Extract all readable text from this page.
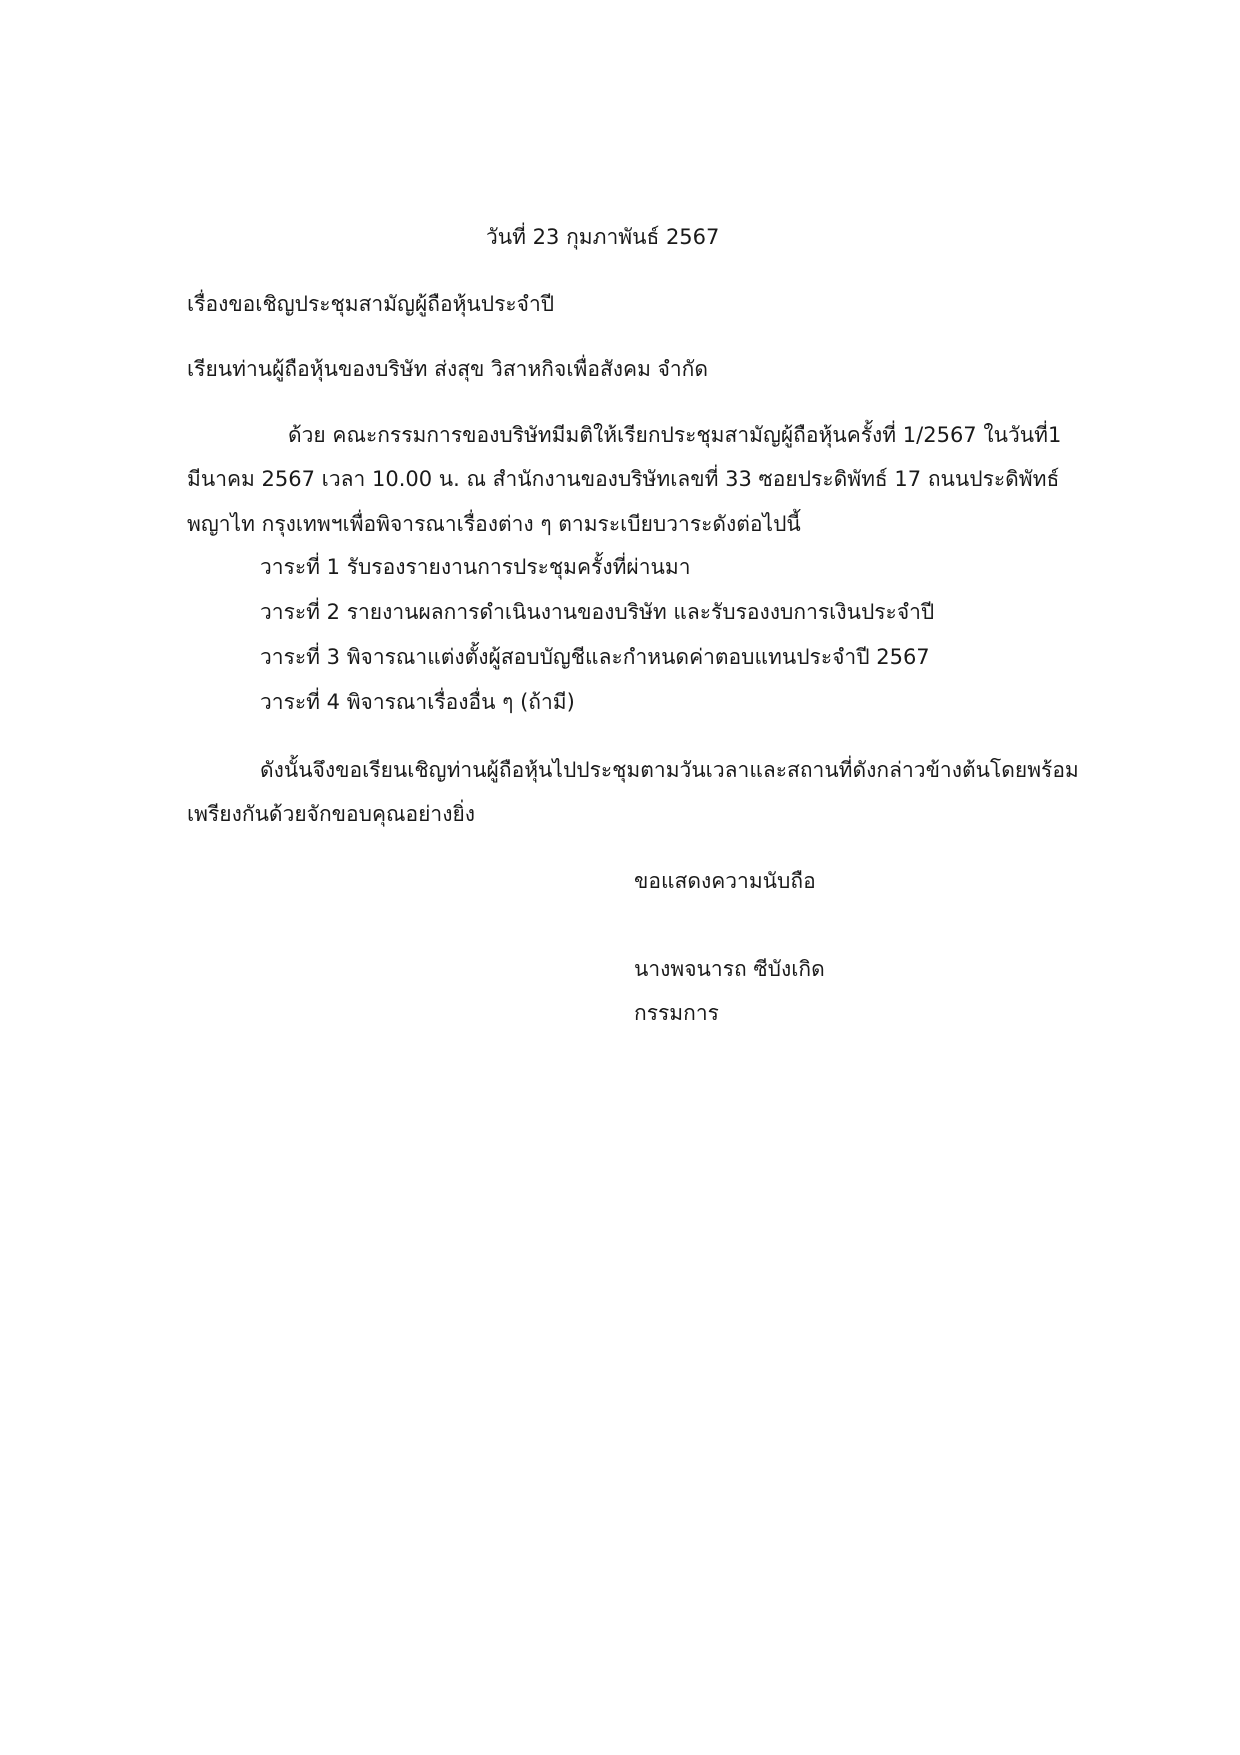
วันที่ 23 กุมภาพันธ์ 2567
เรื่องขอเชิญประชุมสามัญผู้ถือหุ้นประจำปี
เรียนท่านผู้ถือหุ้นของบริษัท ส่งสุข วิสาหกิจเพื่อสังคม จำกัด
ด้วย คณะกรรมการของบริษัทมีมติให้เรียกประชุมสามัญผู้ถือหุ้นครั้งที่ 1/2567 ในวันที่1
มีนาคม 2567 เวลา 10.00 น. ณ สำนักงานของบริษัทเลขที่ 33 ซอยประดิพัทธ์ 17 ถนนประดิพัทธ์
พญาไท กรุงเทพฯเพื่อพิจารณาเรื่องต่าง ๆ ตามระเบียบวาระดังต่อไปนี้
วาระที่ 1 รับรองรายงานการประชุมครั้งที่ผ่านมา
วาระที่ 2 รายงานผลการดำเนินงานของบริษัท และรับรองงบการเงินประจำปี
วาระที่ 3 พิจารณาแต่งตั้งผู้สอบบัญชีและกำหนดค่าตอบแทนประจำปี 2567
วาระที่ 4 พิจารณาเรื่องอื่น ๆ (ถ้ามี)
ดังนั้นจึงขอเรียนเชิญท่านผู้ถือหุ้นไปประชุมตามวันเวลาและสถานที่ดังกล่าวข้างต้นโดยพร้อม
เพรียงกันด้วยจักขอบคุณอย่างยิ่ง
ขอแสดงความนับถือ
นางพจนารถ ซีบังเกิด
กรรมการ
